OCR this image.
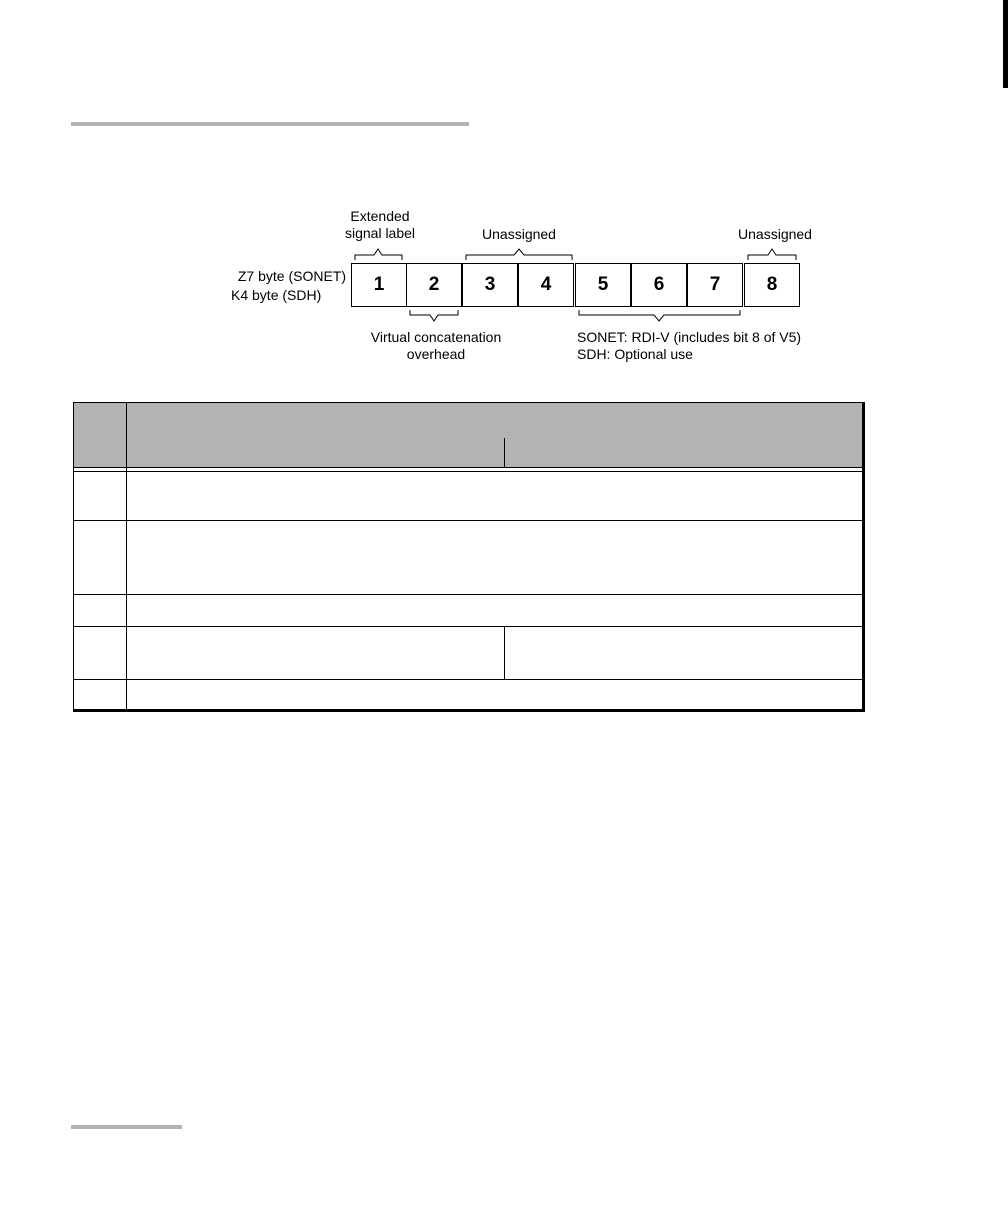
Extended
signal label	Unassigned	Unassigned
Z7 byte (SONET)
K4 byte (SDH)	1	2	3	4	5	6	7	8
Virtual concatenation
overhead
SONET: RDI-V (includes bit 8 of V5)
SDH: Optional use
